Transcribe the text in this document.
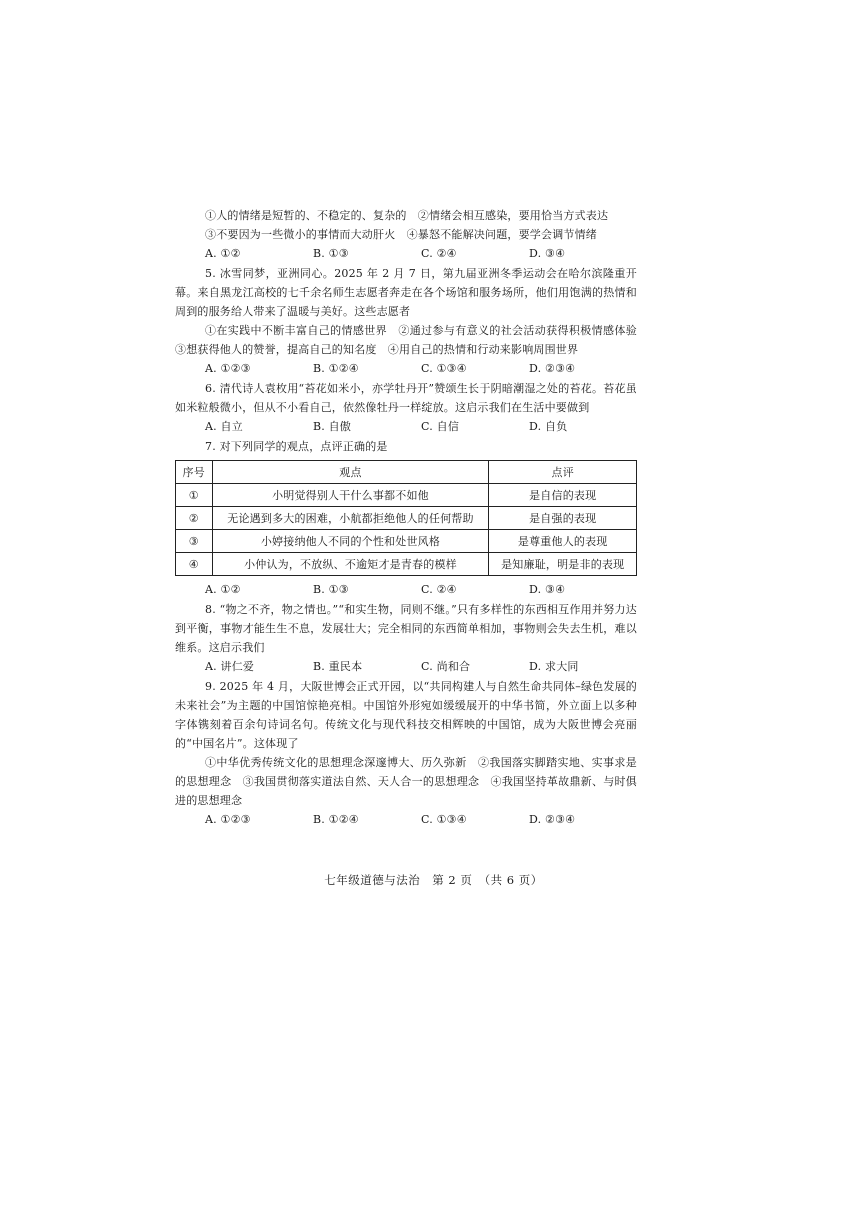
①人的情绪是短暂的、不稳定的、复杂的　②情绪会相互感染，要用恰当方式表达
③不要因为一些微小的事情而大动肝火　④暴怒不能解决问题，要学会调节情绪
A. ①②	B. ①③	C. ②④	D. ③④
5. 冰雪同梦，亚洲同心。2025 年 2 月 7 日，第九届亚洲冬季运动会在哈尔滨隆重开幕。来自黑龙江高校的七千余名师生志愿者奔走在各个场馆和服务场所，他们用饱满的热情和周到的服务给人带来了温暖与美好。这些志愿者
①在实践中不断丰富自己的情感世界　②通过参与有意义的社会活动获得积极情感体验　③想获得他人的赞誉，提高自己的知名度　④用自己的热情和行动来影响周围世界
A. ①②③	B. ①②④	C. ①③④	D. ②③④
6. 清代诗人袁枚用“苔花如米小，亦学牡丹开”赞颂生长于阴暗潮湿之处的苔花。苔花虽如米粒般微小，但从不小看自己，依然像牡丹一样绽放。这启示我们在生活中要做到
A. 自立	B. 自傲	C. 自信	D. 自负
7. 对下列同学的观点，点评正确的是
序号	观点	点评
①	小明觉得别人干什么事都不如他	是自信的表现
②	无论遇到多大的困难，小航都拒绝他人的任何帮助	是自强的表现
③	小婷接纳他人不同的个性和处世风格	是尊重他人的表现
④	小仲认为，不放纵、不逾矩才是青春的模样	是知廉耻，明是非的表现
A. ①②	B. ①③	C. ②④	D. ③④
8. “物之不齐，物之情也。”“和实生物，同则不继。”只有多样性的东西相互作用并努力达到平衡，事物才能生生不息，发展壮大；完全相同的东西简单相加，事物则会失去生机，难以维系。这启示我们
A. 讲仁爱	B. 重民本	C. 尚和合	D. 求大同
9. 2025 年 4 月，大阪世博会正式开园，以“共同构建人与自然生命共同体–绿色发展的未来社会”为主题的中国馆惊艳亮相。中国馆外形宛如缓缓展开的中华书简，外立面上以多种字体镌刻着百余句诗词名句。传统文化与现代科技交相辉映的中国馆，成为大阪世博会亮丽的“中国名片”。这体现了
①中华优秀传统文化的思想理念深邃博大、历久弥新　②我国落实脚踏实地、实事求是的思想理念　③我国贯彻落实道法自然、天人合一的思想理念　④我国坚持革故鼎新、与时俱进的思想理念
A. ①②③	B. ①②④	C. ①③④	D. ②③④
七年级道德与法治　第 2 页　（共 6 页）
